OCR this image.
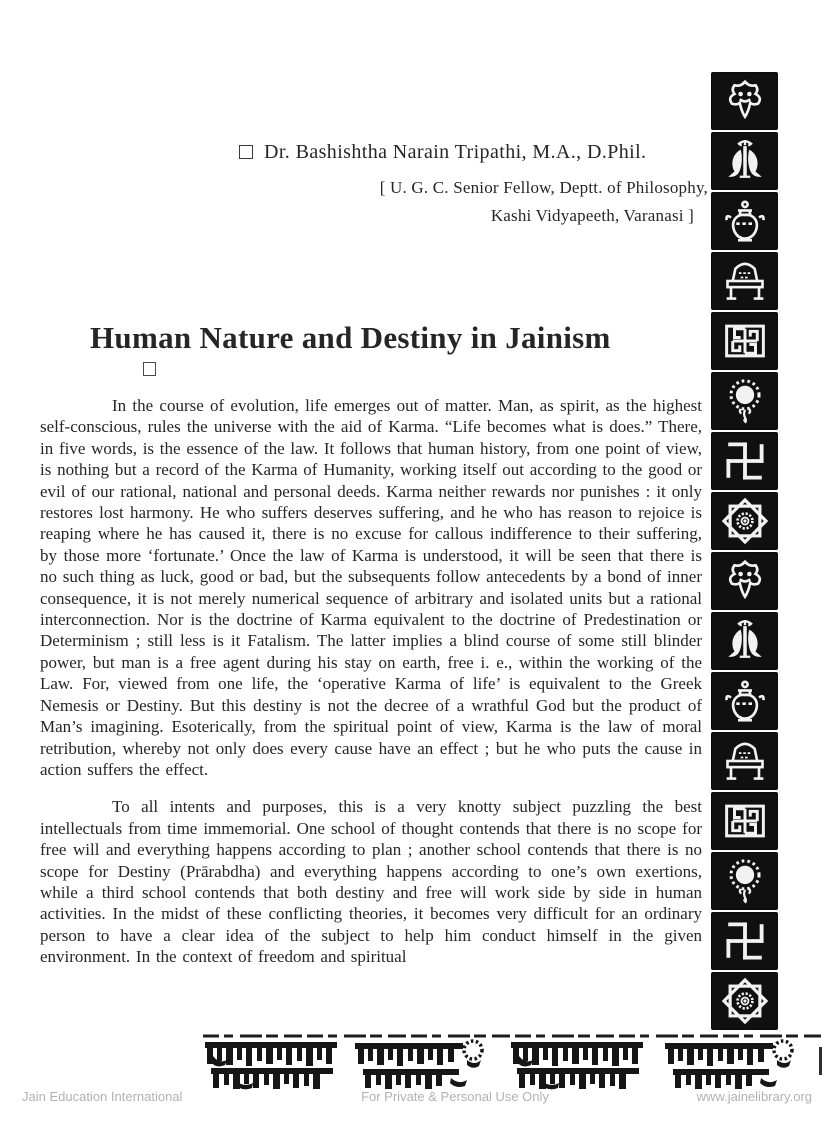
Dr. Bashishtha Narain Tripathi, M.A., D.Phil.
[ U. G. C. Senior Fellow, Deptt. of Philosophy,
Kashi Vidyapeeth, Varanasi ]
Human Nature and Destiny in Jainism

In the course of evolution, life emerges out of matter. Man, as spirit, as the highest self-conscious, rules the universe with the aid of Karma. “Life becomes what is does.” There, in five words, is the essence of the law. It follows that human history, from one point of view, is nothing but a record of the Karma of Humanity, working itself out according to the good or evil of our rational, national and personal deeds. Karma neither rewards nor punishes : it only restores lost harmony. He who suffers deserves suffering, and he who has reason to rejoice is reaping where he has caused it, there is no excuse for callous indifference to their suffering, by those more ‘fortunate.’ Once the law of Karma is understood, it will be seen that there is no such thing as luck, good or bad, but the subsequents follow antecedents by a bond of inner consequence, it is not merely numerical sequence of arbitrary and isolated units but a rational interconnection. Nor is the doctrine of Karma equivalent to the doctrine of Predestination or Determinism ; still less is it Fatalism. The latter implies a blind course of some still blinder power, but man is a free agent during his stay on earth, free i. e., within the working of the Law. For, viewed from one life, the ‘operative Karma of life’ is equivalent to the Greek Nemesis or Destiny. But this destiny is not the decree of a wrathful God but the product of Man’s imagining. Esoterically, from the spiritual point of view, Karma is the law of moral retribution, whereby not only does every cause have an effect ; but he who puts the cause in action suffers the effect.

To all intents and purposes, this is a very knotty subject puzzling the best intellectuals from time immemorial. One school of thought contends that there is no scope for free will and everything happens according to plan ; another school contends that there is no scope for Destiny (Prārabdha) and everything happens according to one’s own exertions, while a third school contends that both destiny and free will work side by side in human activities. In the midst of these conflicting theories, it becomes very difficult for an ordinary person to have a clear idea of the subject to help him conduct himself in the given environment. In the context of freedom and spiritual

Jain Education International	For Private & Personal Use Only	www.jainelibrary.org
